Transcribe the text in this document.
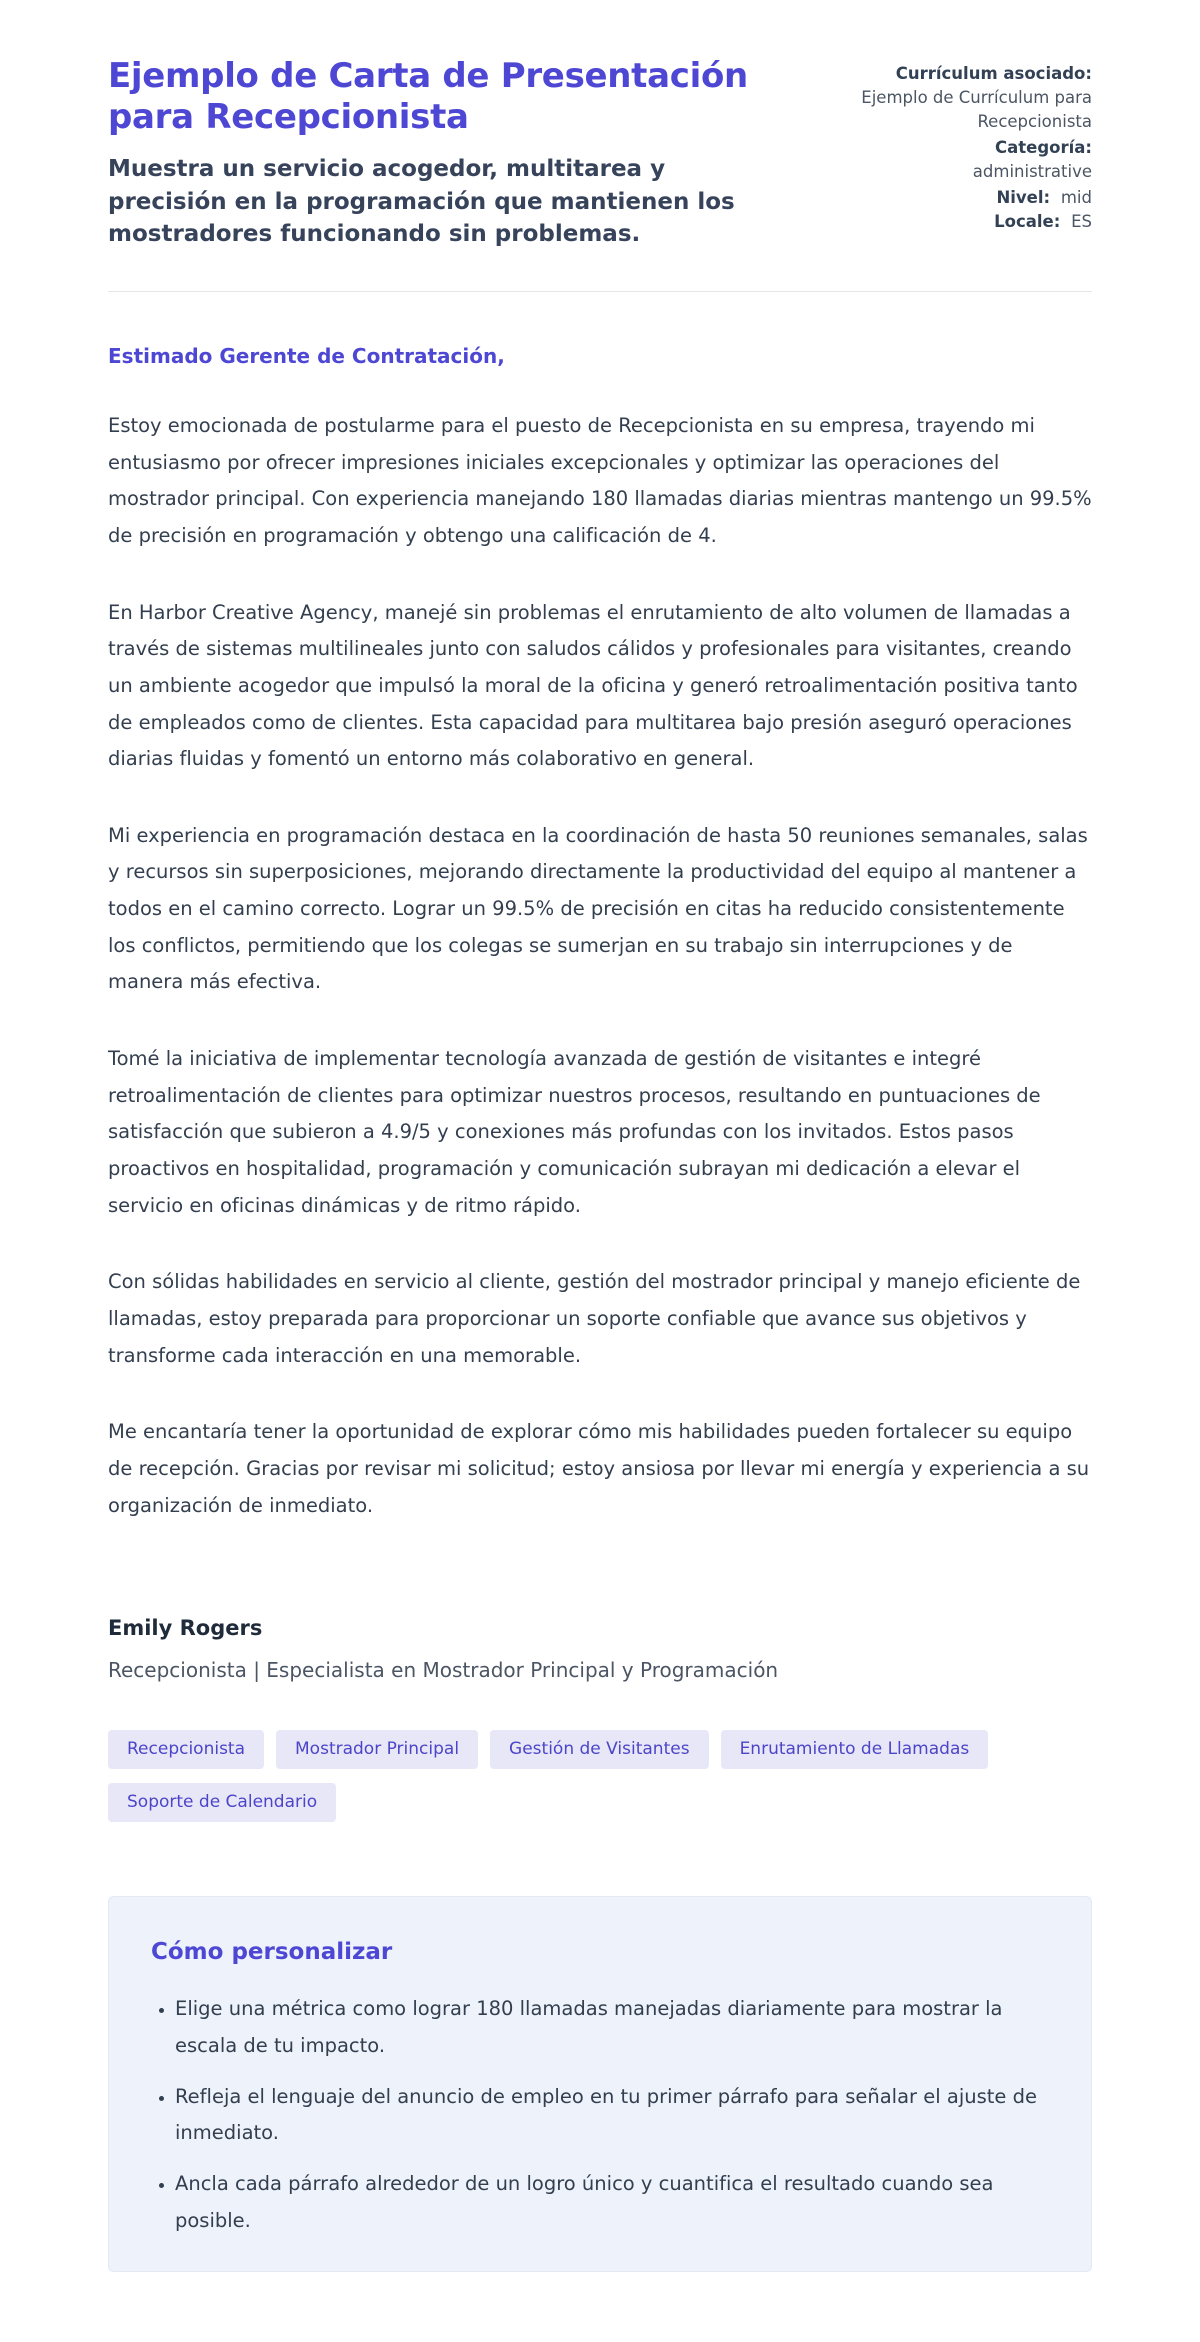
Ejemplo de Carta de Presentación para Recepcionista

Muestra un servicio acogedor, multitarea y precisión en la programación que mantienen los mostradores funcionando sin problemas.

Currículum asociado:
Ejemplo de Currículum para Recepcionista
Categoría:
administrative
Nivel: mid
Locale: ES

Estimado Gerente de Contratación,

Estoy emocionada de postularme para el puesto de Recepcionista en su empresa, trayendo mi entusiasmo por ofrecer impresiones iniciales excepcionales y optimizar las operaciones del mostrador principal. Con experiencia manejando 180 llamadas diarias mientras mantengo un 99.5% de precisión en programación y obtengo una calificación de 4.

En Harbor Creative Agency, manejé sin problemas el enrutamiento de alto volumen de llamadas a través de sistemas multilineales junto con saludos cálidos y profesionales para visitantes, creando un ambiente acogedor que impulsó la moral de la oficina y generó retroalimentación positiva tanto de empleados como de clientes. Esta capacidad para multitarea bajo presión aseguró operaciones diarias fluidas y fomentó un entorno más colaborativo en general.

Mi experiencia en programación destaca en la coordinación de hasta 50 reuniones semanales, salas y recursos sin superposiciones, mejorando directamente la productividad del equipo al mantener a todos en el camino correcto. Lograr un 99.5% de precisión en citas ha reducido consistentemente los conflictos, permitiendo que los colegas se sumerjan en su trabajo sin interrupciones y de manera más efectiva.

Tomé la iniciativa de implementar tecnología avanzada de gestión de visitantes e integré retroalimentación de clientes para optimizar nuestros procesos, resultando en puntuaciones de satisfacción que subieron a 4.9/5 y conexiones más profundas con los invitados. Estos pasos proactivos en hospitalidad, programación y comunicación subrayan mi dedicación a elevar el servicio en oficinas dinámicas y de ritmo rápido.

Con sólidas habilidades en servicio al cliente, gestión del mostrador principal y manejo eficiente de llamadas, estoy preparada para proporcionar un soporte confiable que avance sus objetivos y transforme cada interacción en una memorable.

Me encantaría tener la oportunidad de explorar cómo mis habilidades pueden fortalecer su equipo de recepción. Gracias por revisar mi solicitud; estoy ansiosa por llevar mi energía y experiencia a su organización de inmediato.

Emily Rogers
Recepcionista | Especialista en Mostrador Principal y Programación
Recepcionista	Mostrador Principal	Gestión de Visitantes	Enrutamiento de Llamadas
Soporte de Calendario
Cómo personalizar
• Elige una métrica como lograr 180 llamadas manejadas diariamente para mostrar la escala de tu impacto.
• Refleja el lenguaje del anuncio de empleo en tu primer párrafo para señalar el ajuste de inmediato.
• Ancla cada párrafo alrededor de un logro único y cuantifica el resultado cuando sea posible.
